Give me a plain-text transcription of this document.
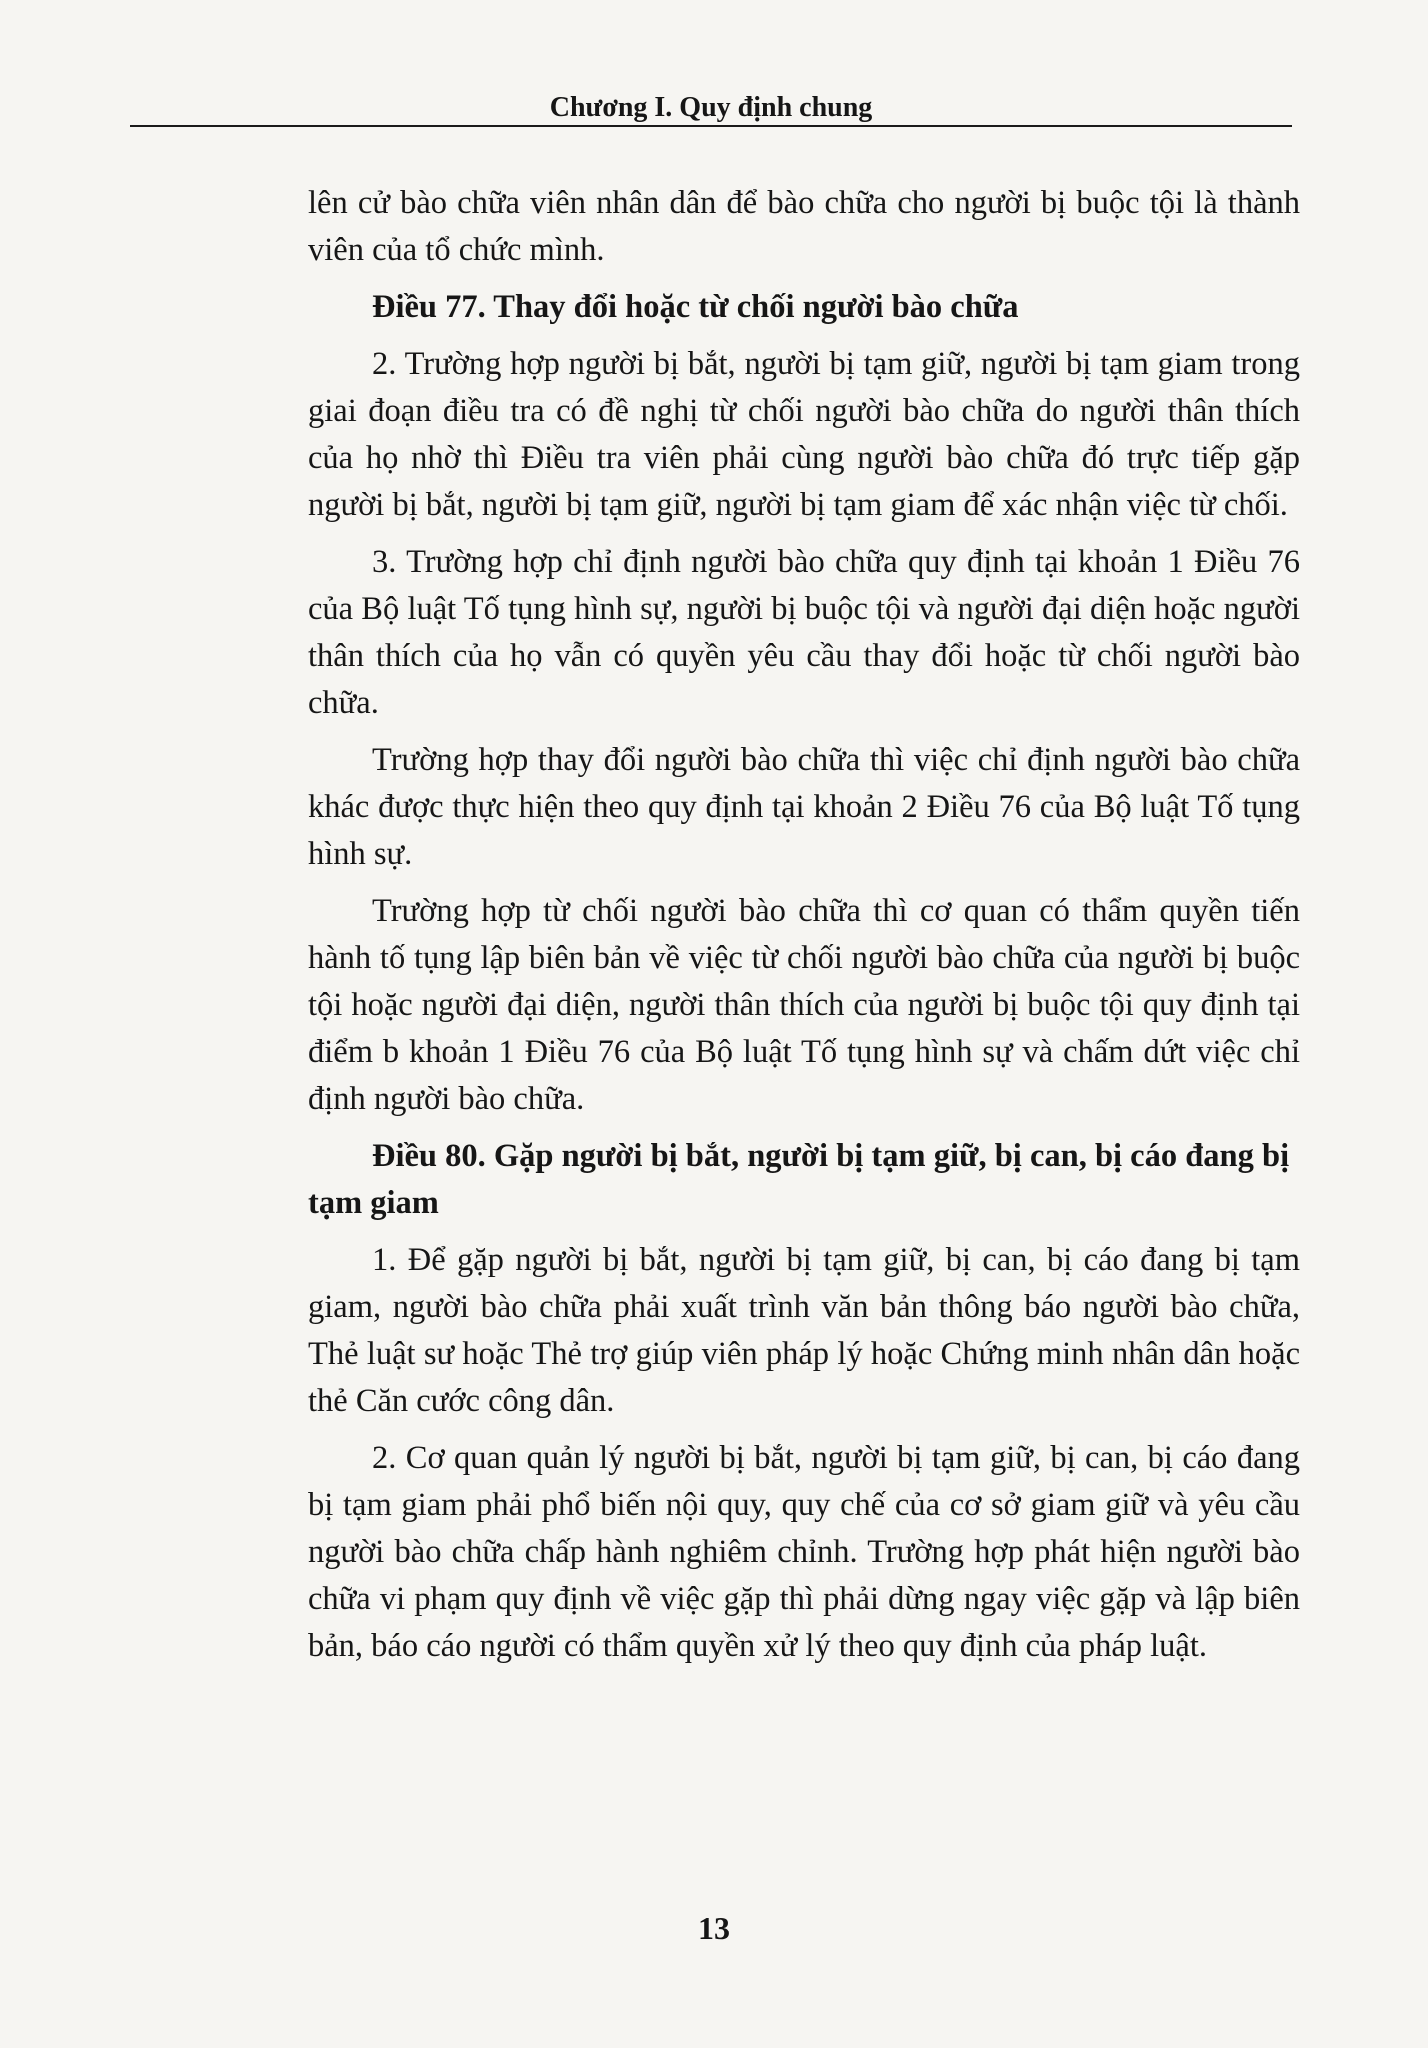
Chương I. Quy định chung

lên cử bào chữa viên nhân dân để bào chữa cho người bị buộc tội là thành viên của tổ chức mình.

Điều 77. Thay đổi hoặc từ chối người bào chữa

2. Trường hợp người bị bắt, người bị tạm giữ, người bị tạm giam trong giai đoạn điều tra có đề nghị từ chối người bào chữa do người thân thích của họ nhờ thì Điều tra viên phải cùng người bào chữa đó trực tiếp gặp người bị bắt, người bị tạm giữ, người bị tạm giam để xác nhận việc từ chối.

3. Trường hợp chỉ định người bào chữa quy định tại khoản 1 Điều 76 của Bộ luật Tố tụng hình sự, người bị buộc tội và người đại diện hoặc người thân thích của họ vẫn có quyền yêu cầu thay đổi hoặc từ chối người bào chữa.

Trường hợp thay đổi người bào chữa thì việc chỉ định người bào chữa khác được thực hiện theo quy định tại khoản 2 Điều 76 của Bộ luật Tố tụng hình sự.

Trường hợp từ chối người bào chữa thì cơ quan có thẩm quyền tiến hành tố tụng lập biên bản về việc từ chối người bào chữa của người bị buộc tội hoặc người đại diện, người thân thích của người bị buộc tội quy định tại điểm b khoản 1 Điều 76 của Bộ luật Tố tụng hình sự và chấm dứt việc chỉ định người bào chữa.

Điều 80. Gặp người bị bắt, người bị tạm giữ, bị can, bị cáo đang bị tạm giam

1. Để gặp người bị bắt, người bị tạm giữ, bị can, bị cáo đang bị tạm giam, người bào chữa phải xuất trình văn bản thông báo người bào chữa, Thẻ luật sư hoặc Thẻ trợ giúp viên pháp lý hoặc Chứng minh nhân dân hoặc thẻ Căn cước công dân.

2. Cơ quan quản lý người bị bắt, người bị tạm giữ, bị can, bị cáo đang bị tạm giam phải phổ biến nội quy, quy chế của cơ sở giam giữ và yêu cầu người bào chữa chấp hành nghiêm chỉnh. Trường hợp phát hiện người bào chữa vi phạm quy định về việc gặp thì phải dừng ngay việc gặp và lập biên bản, báo cáo người có thẩm quyền xử lý theo quy định của pháp luật.

13
